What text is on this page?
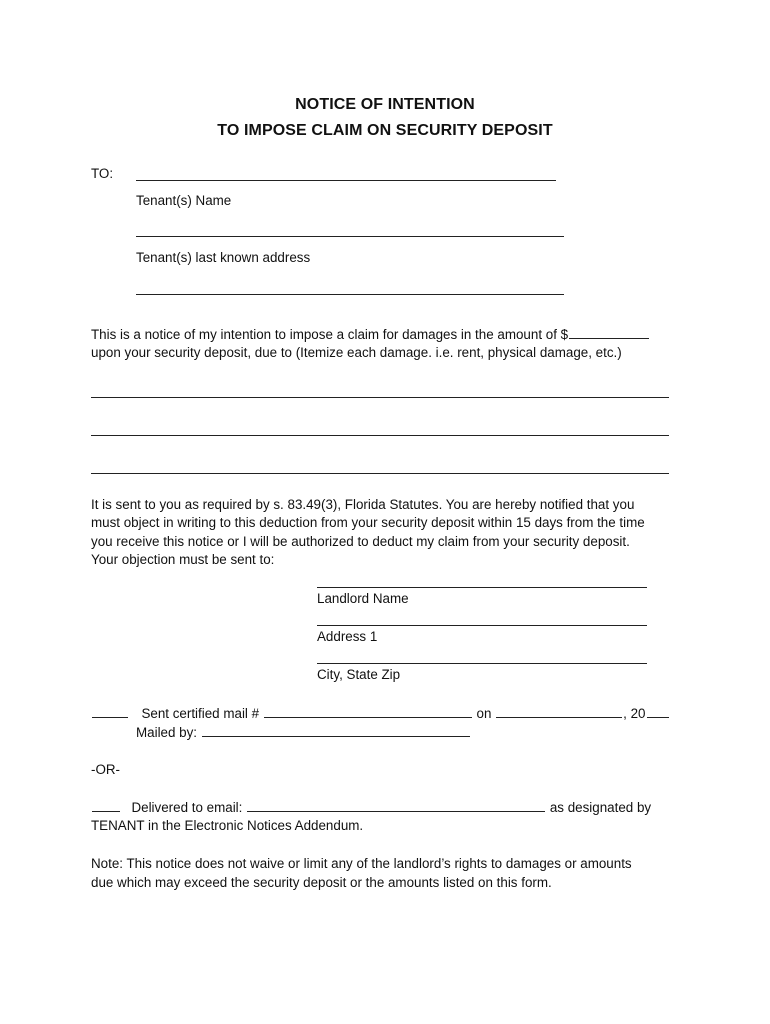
NOTICE OF INTENTION
TO IMPOSE CLAIM ON SECURITY DEPOSIT
TO:
Tenant(s) Name
Tenant(s) last known address
This is a notice of my intention to impose a claim for damages in the amount of $
upon your security deposit, due to (Itemize each damage. i.e. rent, physical damage, etc.)
It is sent to you as required by s. 83.49(3), Florida Statutes. You are hereby notified that you
must object in writing to this deduction from your security deposit within 15 days from the time
you receive this notice or I will be authorized to deduct my claim from your security deposit.
Your objection must be sent to:
Landlord Name
Address 1
City, State Zip
Sent certified mail #	on	, 20
Mailed by:
-OR-
Delivered to email:	as designated by
TENANT in the Electronic Notices Addendum.
Note: This notice does not waive or limit any of the landlord’s rights to damages or amounts
due which may exceed the security deposit or the amounts listed on this form.
